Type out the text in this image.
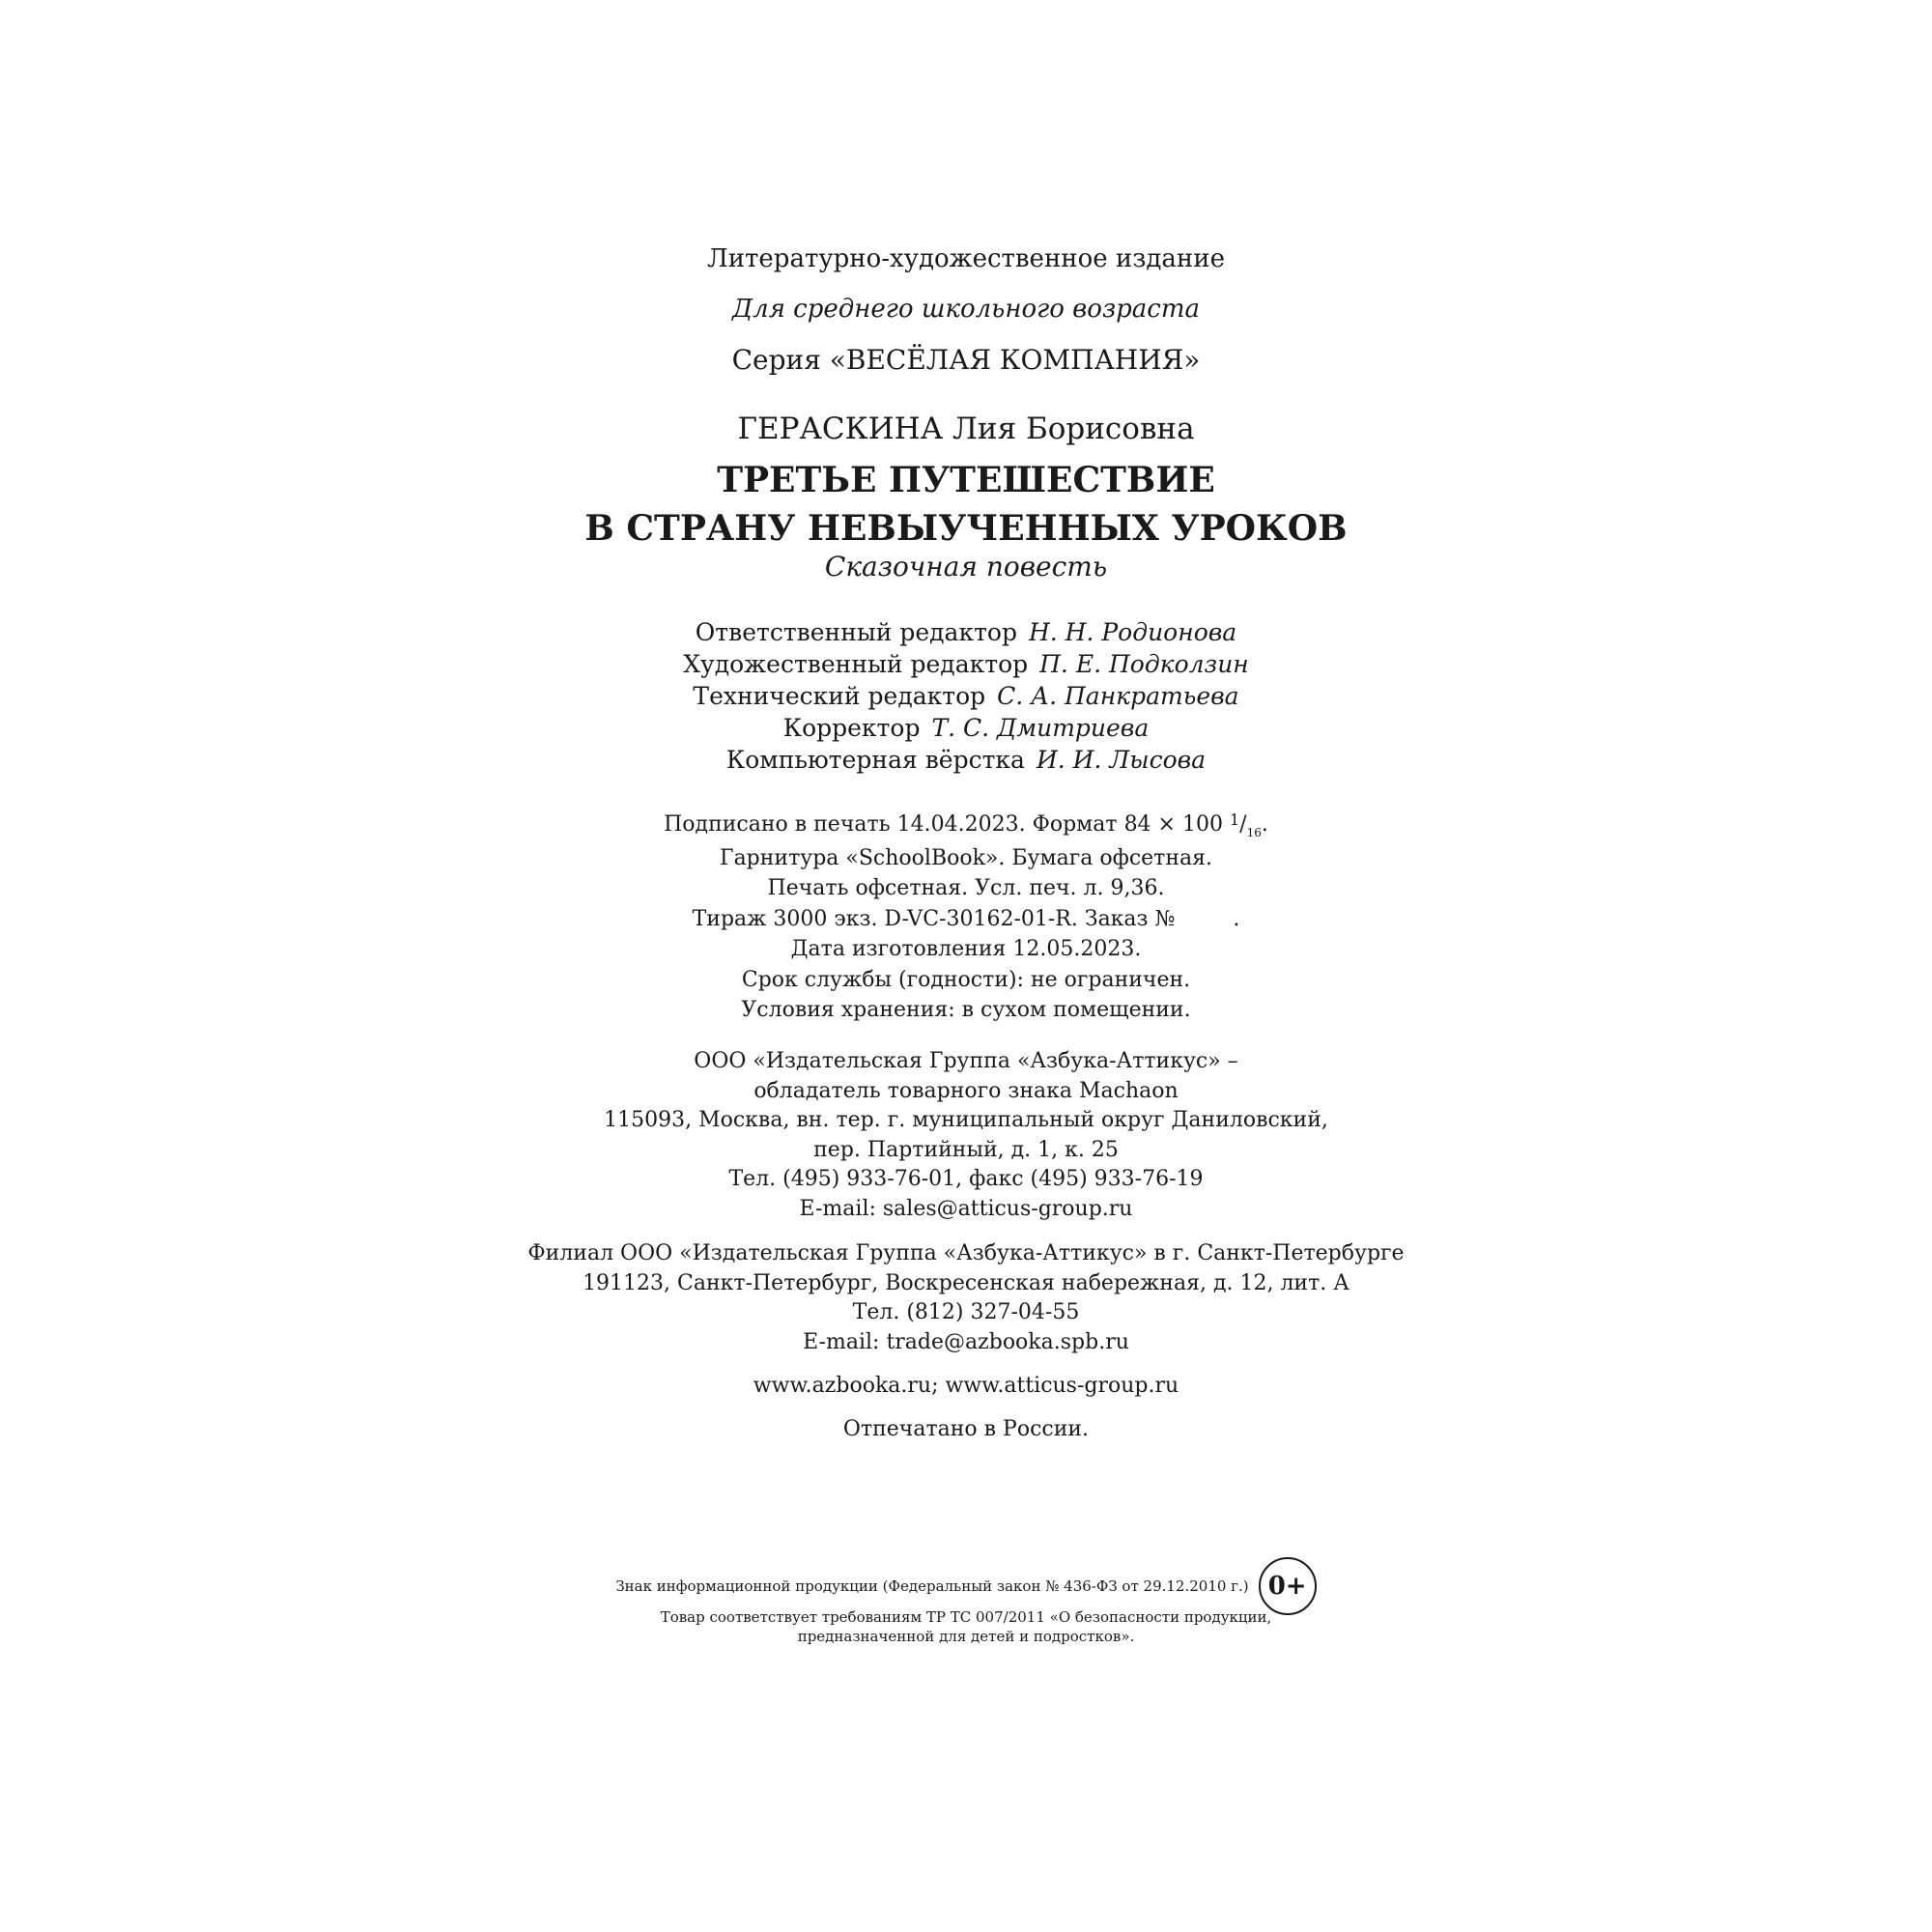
Литературно-художественное издание
Для среднего школьного возраста
Серия «ВЕСЁЛАЯ КОМПАНИЯ»
ГЕРАСКИНА Лия Борисовна
ТРЕТЬЕ ПУТЕШЕСТВИЕ
В СТРАНУ НЕВЫУЧЕННЫХ УРОКОВ
Сказочная повесть
Ответственный редактор Н. Н. Родионова
Художественный редактор П. Е. Подколзин
Технический редактор С. А. Панкратьева
Корректор Т. С. Дмитриева
Компьютерная вёрстка И. И. Лысова
Подписано в печать 14.04.2023. Формат 84 × 100 $^1/_{16}$.
Гарнитура «SchoolBook». Бумага офсетная.
Печать офсетная. Усл. печ. л. 9,36.
Тираж 3000 экз. D-VC-30162-01-R. Заказ №	.
Дата изготовления 12.05.2023.
Срок службы (годности): не ограничен.
Условия хранения: в сухом помещении.
ООО «Издательская Группа «Азбука-Аттикус» –
обладатель товарного знака Machaon
115093, Москва, вн. тер. г. муниципальный округ Даниловский,
пер. Партийный, д. 1, к. 25
Тел. (495) 933-76-01, факс (495) 933-76-19
E-mail: sales@atticus-group.ru
Филиал ООО «Издательская Группа «Азбука-Аттикус» в г. Санкт-Петербурге
191123, Санкт-Петербург, Воскресенская набережная, д. 12, лит. А
Тел. (812) 327-04-55
E-mail: trade@azbooka.spb.ru
www.azbooka.ru; www.atticus-group.ru
Отпечатано в России.
Знак информационной продукции (Федеральный закон № 436-ФЗ от 29.12.2010 г.) 0+
Товар соответствует требованиям ТР ТС 007/2011 «О безопасности продукции,
предназначенной для детей и подростков».
